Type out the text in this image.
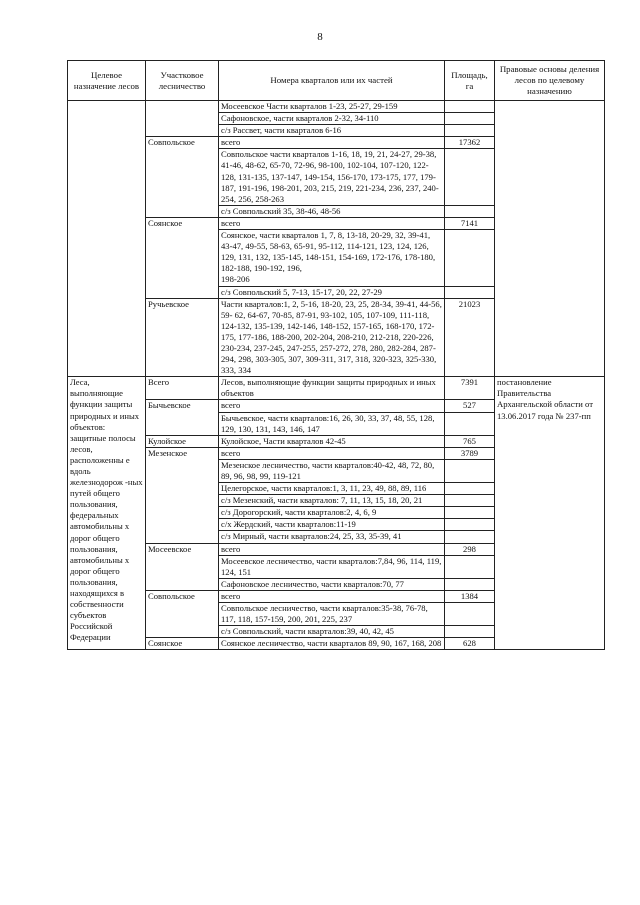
8
Целевое назначение лесов	Участковое лесничество	Номера кварталов или их частей	Площадь, га	Правовые основы деления лесов по целевому назначению
		Мосеевское Части кварталов 1-23, 25-27, 29-159		
		Сафоновское, части кварталов 2-32, 34-110		
		с/з Рассвет, части кварталов 6-16		
	Совпольское	всего	17362	
		Совпольское части кварталов 1-16, 18, 19, 21, 24-27, 29-38, 41-46, 48-62, 65-70, 72-96, 98-100, 102-104, 107-120, 122-128, 131-135, 137-147, 149-154, 156-170, 173-175, 177, 179-187, 191-196, 198-201, 203, 215, 219, 221-234, 236, 237, 240-254, 256, 258-263		
		с/з Совпольский 35, 38-46, 48-56		
	Соянское	всего	7141	
		Соянское, части кварталов 1, 7, 8, 13-18, 20-29, 32, 39-41, 43-47, 49-55, 58-63, 65-91, 95-112, 114-121, 123, 124, 126, 129, 131, 132, 135-145, 148-151, 154-169, 172-176, 178-180, 182-188, 190-192, 196,
198-206		
		с/з Совпольский 5, 7-13, 15-17, 20, 22, 27-29		
	Ручьевское	Части кварталов:1, 2, 5-16, 18-20, 23, 25, 28-34, 39-41, 44-56, 59- 62, 64-67, 70-85, 87-91, 93-102, 105, 107-109, 111-118, 124-132, 135-139, 142-146, 148-152, 157-165, 168-170, 172-175, 177-186, 188-200, 202-204, 208-210, 212-218, 220-226, 230-234, 237-245, 247-255, 257-272, 278, 280, 282-284, 287-294, 298, 303-305, 307, 309-311, 317, 318, 320-323, 325-330, 333, 334	21023	
Леса, выполняющие функции защиты природных и иных объектов: защитные полосы лесов, расположенны е вдоль железнодорож -ных путей общего пользования, федеральных автомобильны х дорог общего пользования, автомобильны х дорог общего пользования, находящихся в собственности субъектов Российской Федерации	Всего	Лесов, выполняющие функции защиты природных и иных объектов	7391	постановление Правительства Архангельской области от 13.06.2017 года № 237-пп
	Бычьевское	всего	527	
		Бычьевское, части кварталов:16, 26, 30, 33, 37, 48, 55, 128, 129, 130, 131, 143, 146, 147		
	Кулойское	Кулойское, Части кварталов 42-45	765	
	Мезенское	всего	3789	
		Мезенское лесничество, части кварталов:40-42, 48, 72, 80, 89, 96, 98, 99, 119-121		
		Целегорское, части кварталов:1, 3, 11, 23, 49, 88, 89, 116		
		с/з Мезенский, части кварталов: 7, 11, 13, 15, 18, 20, 21		
		с/з Дорогорский, части кварталов:2, 4, 6, 9		
		с/х Жердский, части кварталов:11-19		
		с/з Мирный, части кварталов:24, 25, 33, 35-39, 41		
	Мосеевское	всего	298	
		Мосеевское лесничество, части кварталов:7,84, 96, 114, 119, 124, 151		
		Сафоновское лесничество, части кварталов:70, 77		
	Совпольское	всего	1384	
		Совпольское лесничество, части кварталов:35-38, 76-78, 117, 118, 157-159, 200, 201, 225, 237		
		с/з Совпольский, части кварталов:39, 40, 42, 45		
	Соянское	Соянское лесничество, части кварталов 89, 90, 167, 168, 208	628	
